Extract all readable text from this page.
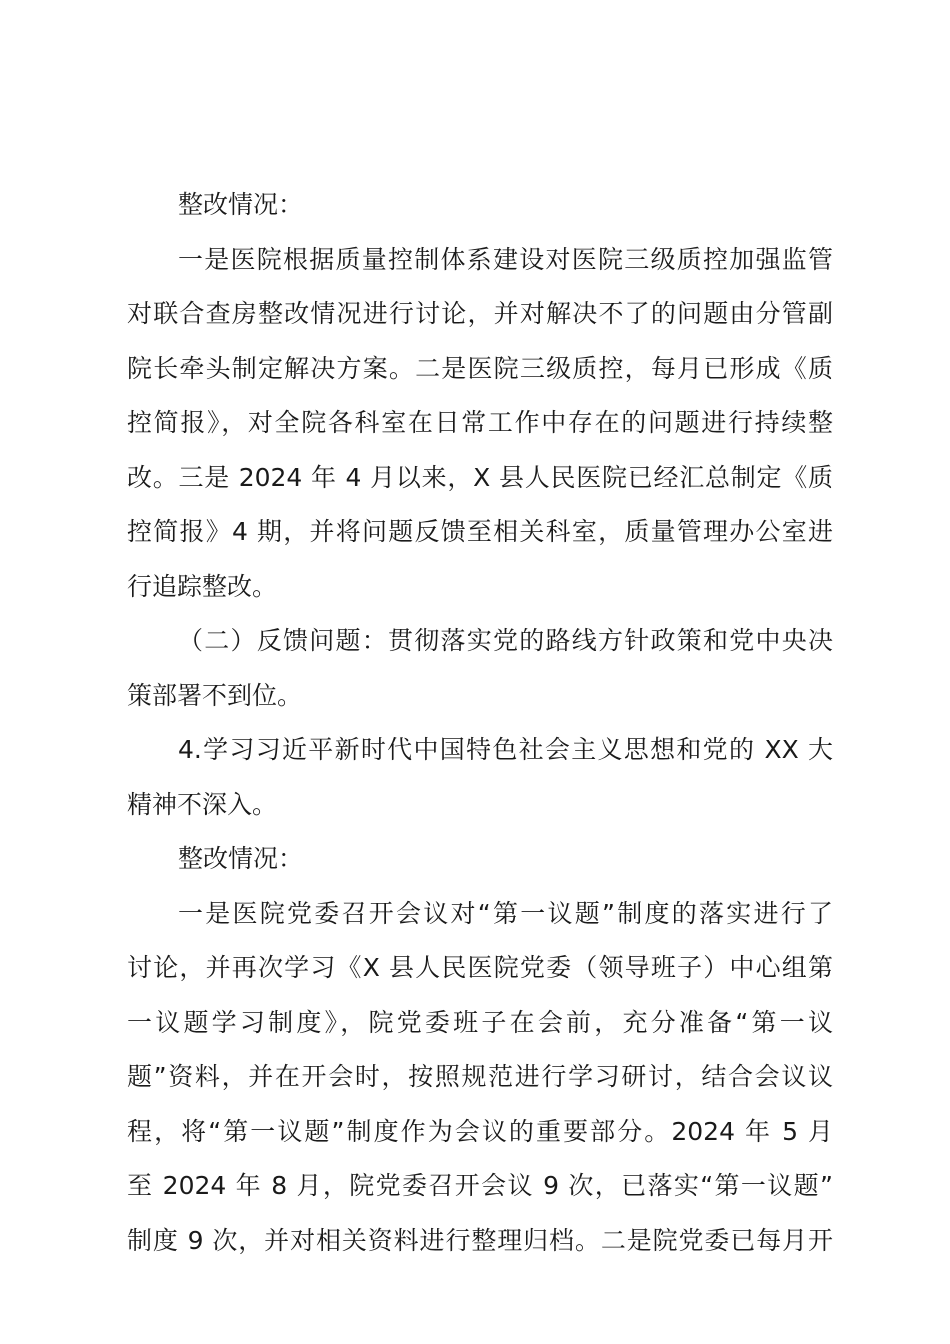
整改情况：
一是医院根据质量控制体系建设对医院三级质控加强监管
对联合查房整改情况进行讨论，并对解决不了的问题由分管副
院长牵头制定解决方案。二是医院三级质控，每月已形成《质
控简报》，对全院各科室在日常工作中存在的问题进行持续整
改。三是 2024 年 4 月以来，X 县人民医院已经汇总制定《质
控简报》4 期，并将问题反馈至相关科室，质量管理办公室进
行追踪整改。
（二）反馈问题：贯彻落实党的路线方针政策和党中央决
策部署不到位。
4.学习习近平新时代中国特色社会主义思想和党的 XX 大
精神不深入。
整改情况：
一是医院党委召开会议对“第一议题”制度的落实进行了
讨论，并再次学习《X 县人民医院党委（领导班子）中心组第
一议题学习制度》，院党委班子在会前，充分准备“第一议
题”资料，并在开会时，按照规范进行学习研讨，结合会议议
程，将“第一议题”制度作为会议的重要部分。2024 年 5 月
至 2024 年 8 月，院党委召开会议 9 次，已落实“第一议题”
制度 9 次，并对相关资料进行整理归档。二是院党委已每月开
